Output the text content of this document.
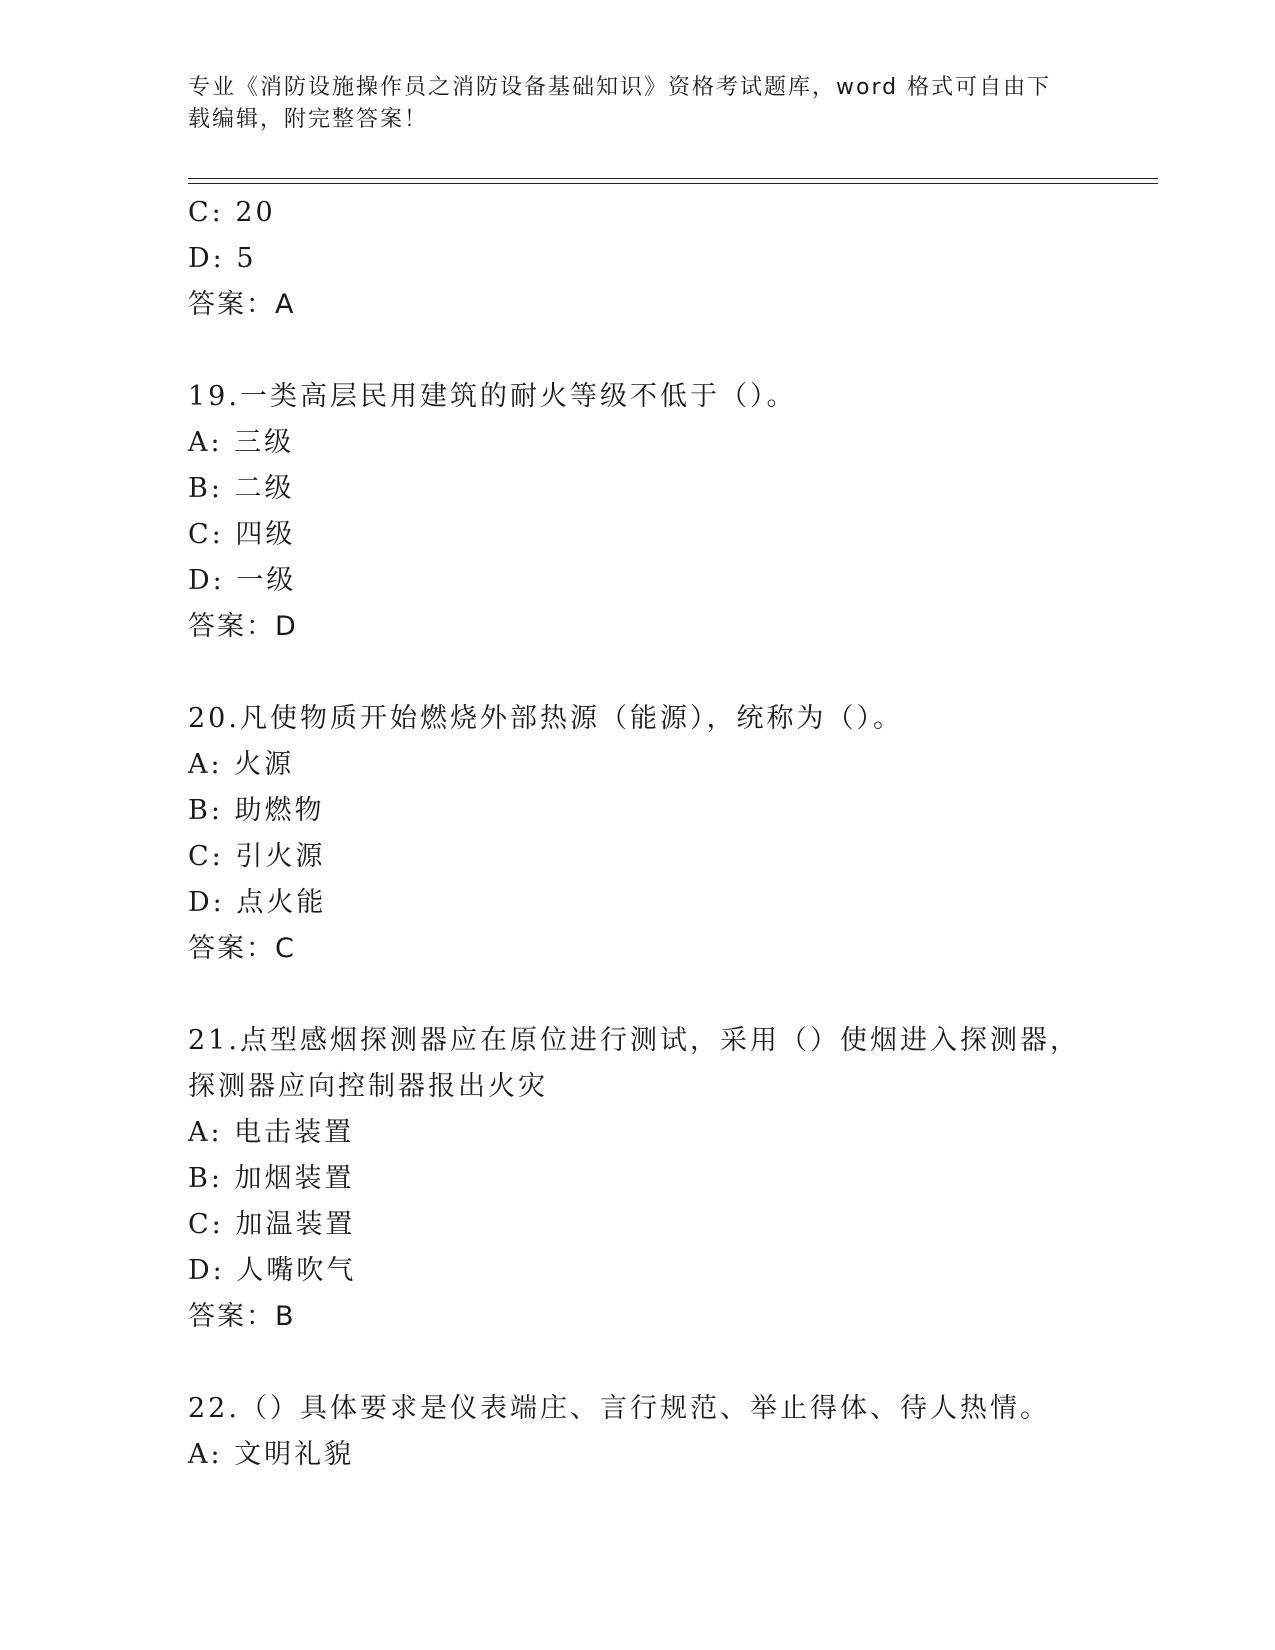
专业《消防设施操作员之消防设备基础知识》资格考试题库，word 格式可自由下载编辑，附完整答案！
C: 20
D: 5
答案：A
19.一类高层民用建筑的耐火等级不低于（）。
A: 三级
B: 二级
C: 四级
D: 一级
答案：D
20.凡使物质开始燃烧外部热源（能源），统称为（）。
A: 火源
B: 助燃物
C: 引火源
D: 点火能
答案：C
21.点型感烟探测器应在原位进行测试，采用（）使烟进入探测器，探测器应向控制器报出火灾
A: 电击装置
B: 加烟装置
C: 加温装置
D: 人嘴吹气
答案：B
22.（）具体要求是仪表端庄、言行规范、举止得体、待人热情。
A: 文明礼貌
